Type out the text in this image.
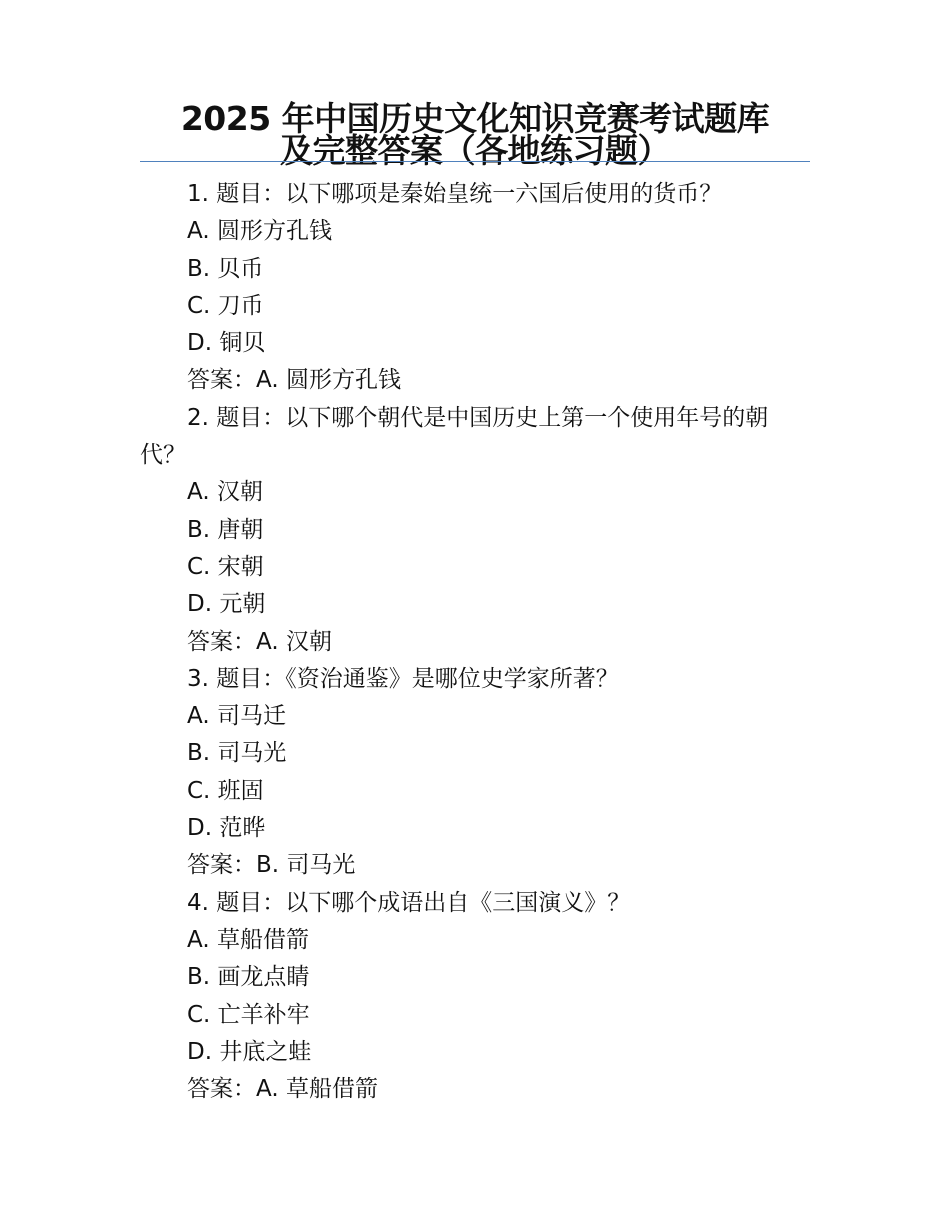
2025 年中国历史文化知识竞赛考试题库
及完整答案（各地练习题）

1. 题目：以下哪项是秦始皇统一六国后使用的货币？

A. 圆形方孔钱

B. 贝币

C. 刀币

D. 铜贝

答案：A. 圆形方孔钱

2. 题目：以下哪个朝代是中国历史上第一个使用年号的朝代？

A. 汉朝

B. 唐朝

C. 宋朝

D. 元朝

答案：A. 汉朝

3. 题目：《资治通鉴》是哪位史学家所著？

A. 司马迁

B. 司马光

C. 班固

D. 范晔

答案：B. 司马光

4. 题目：以下哪个成语出自《三国演义》？

A. 草船借箭

B. 画龙点睛

C. 亡羊补牢

D. 井底之蛙

答案：A. 草船借箭
